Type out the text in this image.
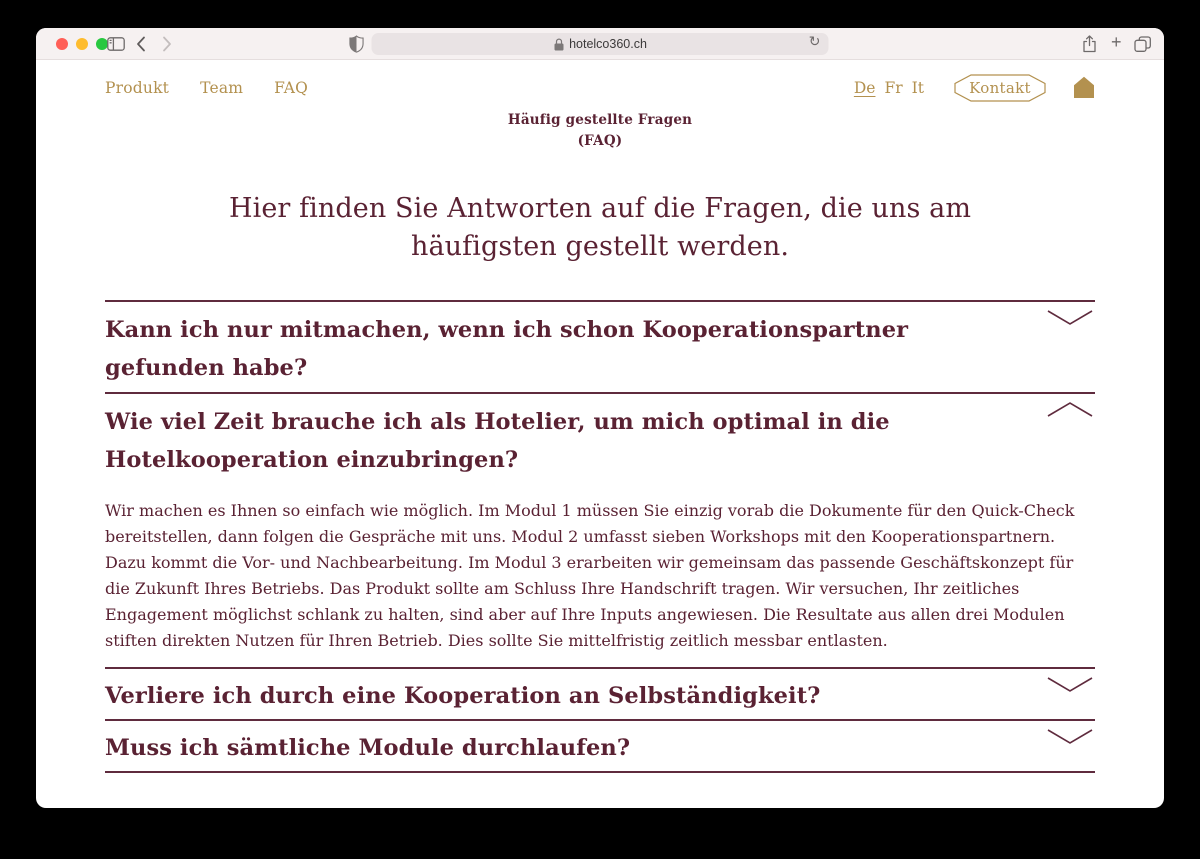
hotelco360.ch	↻	+
Produkt Team FAQ	De Fr It	Kontakt
Häufig gestellte Fragen
(FAQ)
Hier finden Sie Antworten auf die Fragen, die uns am
häufigsten gestellt werden.
Kann ich nur mitmachen, wenn ich schon Kooperationspartner gefunden habe?
Wie viel Zeit brauche ich als Hotelier, um mich optimal in die Hotelkooperation einzubringen?

Wir machen es Ihnen so einfach wie möglich. Im Modul 1 müssen Sie einzig vorab die Dokumente für den Quick-Check bereitstellen, dann folgen die Gespräche mit uns. Modul 2 umfasst sieben Workshops mit den Kooperationspartnern. Dazu kommt die Vor- und Nachbearbeitung. Im Modul 3 erarbeiten wir gemeinsam das passende Geschäftskonzept für die Zukunft Ihres Betriebs. Das Produkt sollte am Schluss Ihre Handschrift tragen. Wir versuchen, Ihr zeitliches Engagement möglichst schlank zu halten, sind aber auf Ihre Inputs angewiesen. Die Resultate aus allen drei Modulen stiften direkten Nutzen für Ihren Betrieb. Dies sollte Sie mittelfristig zeitlich messbar entlasten.

Verliere ich durch eine Kooperation an Selbständigkeit?
Muss ich sämtliche Module durchlaufen?
